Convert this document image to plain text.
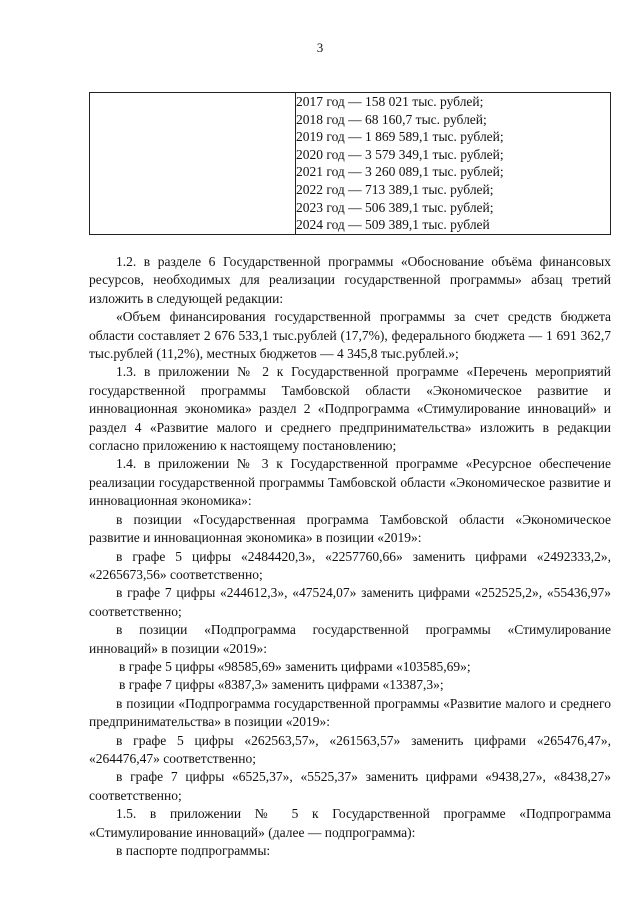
3

2017 год — 158 021 тыс. рублей;
2018 год — 68 160,7 тыс. рублей;
2019 год — 1 869 589,1 тыс. рублей;
2020 год — 3 579 349,1 тыс. рублей;
2021 год — 3 260 089,1 тыс. рублей;
2022 год — 713 389,1 тыс. рублей;
2023 год — 506 389,1 тыс. рублей;
2024 год — 509 389,1 тыс. рублей

1.2. в разделе 6 Государственной программы «Обоснование объёма финансовых ресурсов, необходимых для реализации государственной программы» абзац третий изложить в следующей редакции:

«Объем финансирования государственной программы за счет средств бюджета области составляет 2 676 533,1 тыс.рублей (17,7%), федерального бюджета — 1 691 362,7 тыс.рублей (11,2%), местных бюджетов — 4 345,8 тыс.рублей.»;

1.3. в приложении № 2 к Государственной программе «Перечень мероприятий государственной программы Тамбовской области «Экономическое развитие и инновационная экономика» раздел 2 «Подпрограмма «Стимулирование инноваций» и раздел 4 «Развитие малого и среднего предпринимательства» изложить в редакции согласно приложению к настоящему постановлению;

1.4. в приложении № 3 к Государственной программе «Ресурсное обеспечение реализации государственной программы Тамбовской области «Экономическое развитие и инновационная экономика»:

в позиции «Государственная программа Тамбовской области «Экономическое развитие и инновационная экономика» в позиции «2019»:

в графе 5 цифры «2484420,3», «2257760,66» заменить цифрами «2492333,2», «2265673,56» соответственно;

в графе 7 цифры «244612,3», «47524,07» заменить цифрами «252525,2», «55436,97» соответственно;

в позиции «Подпрограмма государственной программы «Стимулирование инноваций» в позиции «2019»:

в графе 5 цифры «98585,69» заменить цифрами «103585,69»;

в графе 7 цифры «8387,3» заменить цифрами «13387,3»;

в позиции «Подпрограмма государственной программы «Развитие малого и среднего предпринимательства» в позиции «2019»:

в графе 5 цифры «262563,57», «261563,57» заменить цифрами «265476,47», «264476,47» соответственно;

в графе 7 цифры «6525,37», «5525,37» заменить цифрами «9438,27», «8438,27» соответственно;

1.5. в приложении № 5 к Государственной программе «Подпрограмма «Стимулирование инноваций» (далее — подпрограмма):

в паспорте подпрограммы:
